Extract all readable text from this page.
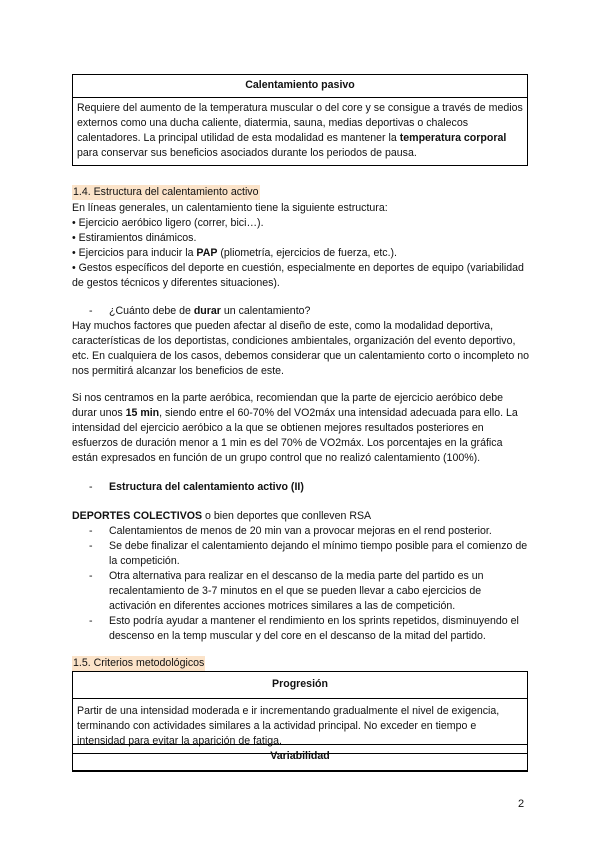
Calentamiento pasivo
Requiere del aumento de la temperatura muscular o del core y se consigue a través de medios externos como una ducha caliente, diatermia, sauna, medias deportivas o chalecos calentadores. La principal utilidad de esta modalidad es mantener la temperatura corporal para conservar sus beneficios asociados durante los periodos de pausa.
1.4. Estructura del calentamiento activo

En líneas generales, un calentamiento tiene la siguiente estructura:

• Ejercicio aeróbico ligero (correr, bici…).

• Estiramientos dinámicos.

• Ejercicios para inducir la PAP (pliometría, ejercicios de fuerza, etc.).

• Gestos específicos del deporte en cuestión, especialmente en deportes de equipo (variabilidad de gestos técnicos y diferentes situaciones).

-	¿Cuánto debe de durar un calentamiento?
Hay muchos factores que pueden afectar al diseño de este, como la modalidad deportiva, características de los deportistas, condiciones ambientales, organización del evento deportivo, etc. En cualquiera de los casos, debemos considerar que un calentamiento corto o incompleto no nos permitirá alcanzar los beneficios de este.
Si nos centramos en la parte aeróbica, recomiendan que la parte de ejercicio aeróbico debe durar unos 15 min, siendo entre el 60-70% del VO2máx una intensidad adecuada para ello. La intensidad del ejercicio aeróbico a la que se obtienen mejores resultados posteriores en esfuerzos de duración menor a 1 min es del 70% de VO2máx. Los porcentajes en la gráfica están expresados en función de un grupo control que no realizó calentamiento (100%).
-	Estructura del calentamiento activo (II)
DEPORTES COLECTIVOS o bien deportes que conlleven RSA
- Calentamientos de menos de 20 min van a provocar mejoras en el rend posterior.
- Se debe finalizar el calentamiento dejando el mínimo tiempo posible para el comienzo de la competición.
- Otra alternativa para realizar en el descanso de la media parte del partido es un recalentamiento de 3-7 minutos en el que se pueden llevar a cabo ejercicios de activación en diferentes acciones motrices similares a las de competición.
- Esto podría ayudar a mantener el rendimiento en los sprints repetidos, disminuyendo el descenso en la temp muscular y del core en el descanso de la mitad del partido.
1.5. Criterios metodológicos
Progresión
Partir de una intensidad moderada e ir incrementando gradualmente el nivel de exigencia, terminando con actividades similares a la actividad principal. No exceder en tiempo e intensidad para evitar la aparición de fatiga.
Variabilidad
2
